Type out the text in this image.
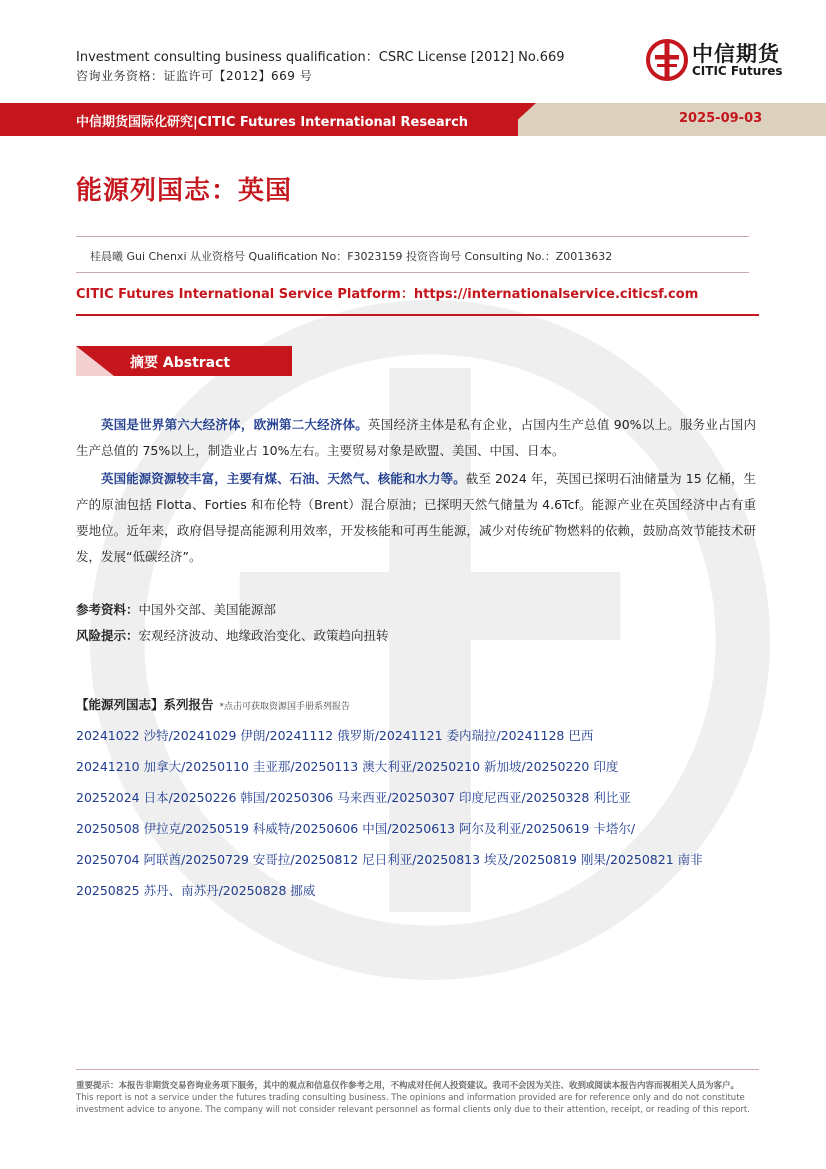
Investment consulting business qualification：CSRC License [2012] No.669
咨询业务资格：证监许可【2012】669 号
中信期货
CITIC Futures
中信期货国际化研究|CITIC Futures International Research	2025-09-03
能源列国志：英国
桂晨曦 Gui Chenxi 从业资格号 Qualification No：F3023159 投资咨询号 Consulting No.：Z0013632
CITIC Futures International Service Platform：https://internationalservice.citicsf.com
摘要 Abstract
英国是世界第六大经济体，欧洲第二大经济体。英国经济主体是私有企业，占国内生产总值 90%以上。服务业占国内生产总值的 75%以上，制造业占 10%左右。主要贸易对象是欧盟、美国、中国、日本。
英国能源资源较丰富，主要有煤、石油、天然气、核能和水力等。截至 2024 年，英国已探明石油储量为 15 亿桶，生产的原油包括 Flotta、Forties 和布伦特（Brent）混合原油；已探明天然气储量为 4.6Tcf。能源产业在英国经济中占有重要地位。近年来，政府倡导提高能源利用效率，开发核能和可再生能源，减少对传统矿物燃料的依赖，鼓励高效节能技术研发，发展“低碳经济”。
参考资料：中国外交部、美国能源部
风险提示：宏观经济波动、地缘政治变化、政策趋向扭转
【能源列国志】系列报告 *点击可获取资源国手册系列报告
20241022 沙特/20241029 伊朗/20241112 俄罗斯/20241121 委内瑞拉/20241128 巴西
20241210 加拿大/20250110 圭亚那/20250113 澳大利亚/20250210 新加坡/20250220 印度
20252024 日本/20250226 韩国/20250306 马来西亚/20250307 印度尼西亚/20250328 利比亚
20250508 伊拉克/20250519 科威特/20250606 中国/20250613 阿尔及利亚/20250619 卡塔尔/
20250704 阿联酋/20250729 安哥拉/20250812 尼日利亚/20250813 埃及/20250819 刚果/20250821 南非
20250825 苏丹、南苏丹/20250828 挪威
重要提示：本报告非期货交易咨询业务项下服务，其中的观点和信息仅作参考之用，不构成对任何人投资建议。我司不会因为关注、收到或阅读本报告内容而视相关人员为客户。 This report is not a service under the futures trading consulting business. The opinions and information provided are for reference only and do not constitute investment advice to anyone. The company will not consider relevant personnel as formal clients only due to their attention, receipt, or reading of this report.
